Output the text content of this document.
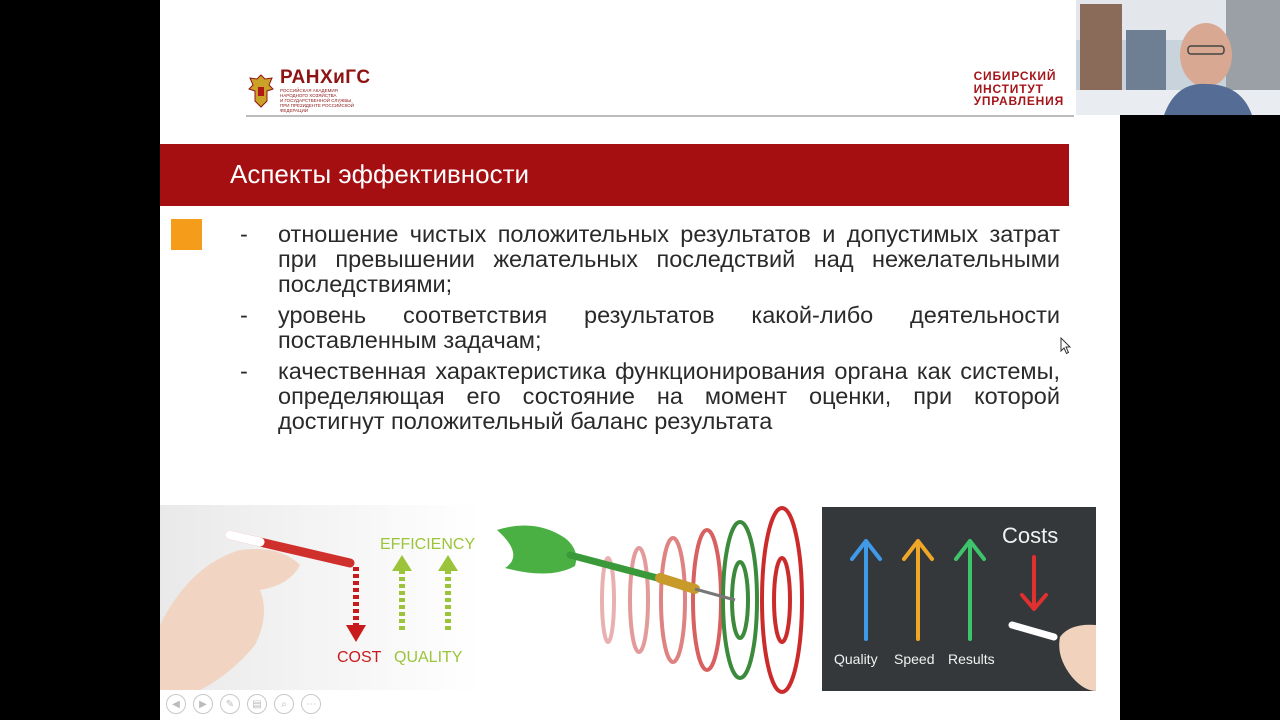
РАНХиГС
РОССИЙСКАЯ АКАДЕМИЯ НАРОДНОГО ХОЗЯЙСТВА
И ГОСУДАРСТВЕННОЙ СЛУЖБЫ
ПРИ ПРЕЗИДЕНТЕ РОССИЙСКОЙ ФЕДЕРАЦИИ
СИБИРСКИЙ
ИНСТИТУТ
УПРАВЛЕНИЯ
Аспекты эффективности
-	отношение чистых положительных результатов и допустимых затрат при превышении желательных последствий над нежелательными последствиями;
-	уровень соответствия результатов какой-либо деятельности поставленным задачам;
-	качественная характеристика функционирования органа как системы, определяющая его состояние на момент оценки, при которой достигнут положительный баланс результата
EFFICIENCY
COST QUALITY
Costs
Quality Speed Results
◀	▶	✎	▤	⌕	⋯
